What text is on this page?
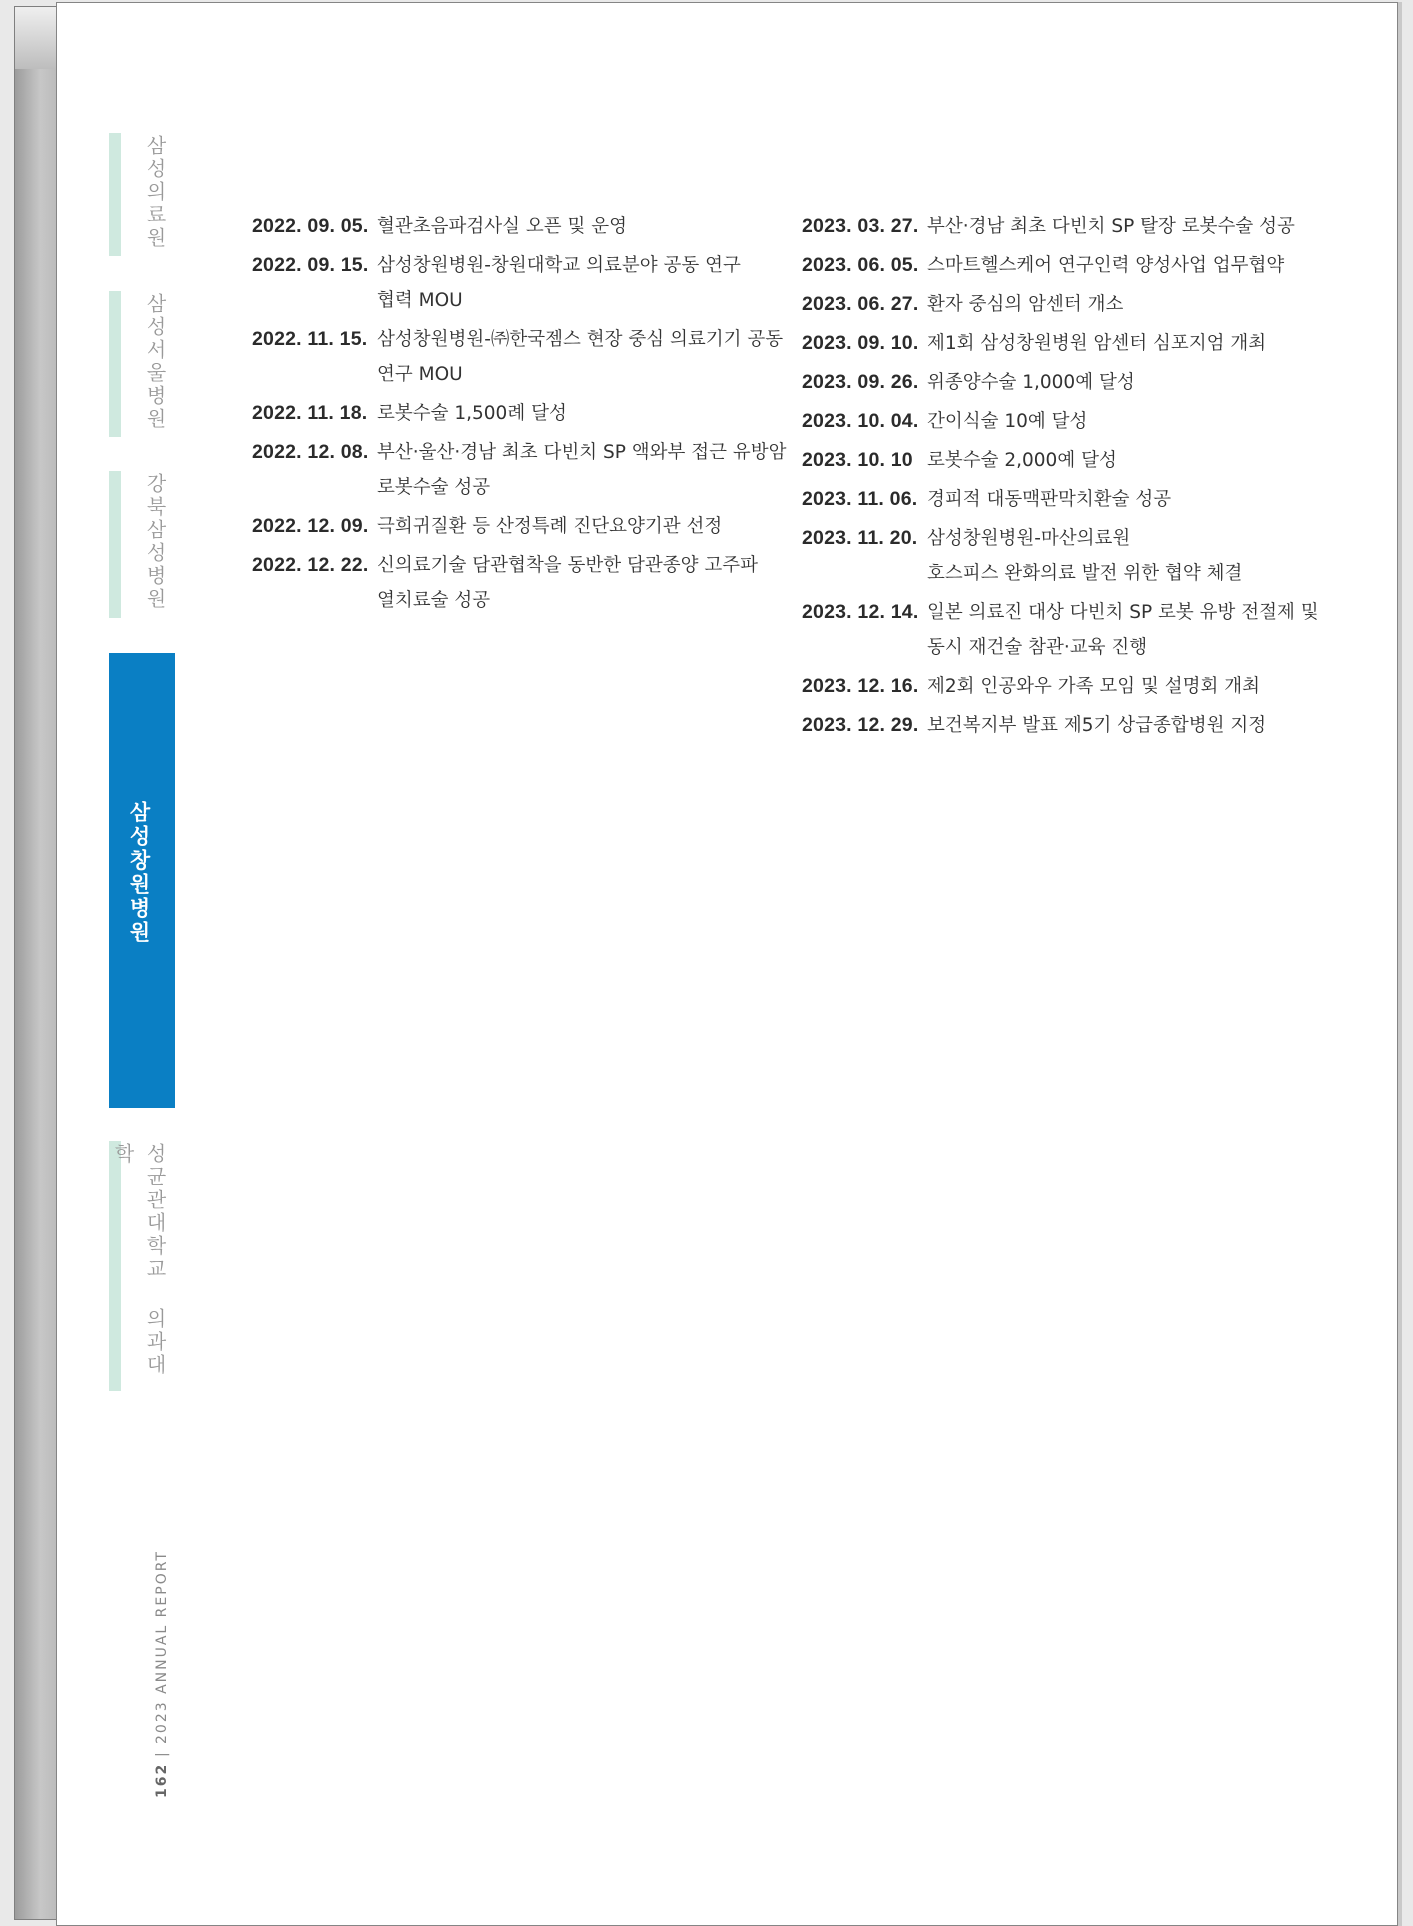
삼성의료원
삼성서울병원
강북삼성병원
삼성창원병원
성균관대학교 의과대학
162
|
2023 ANNUAL REPORT
2022. 09. 05. 혈관초음파검사실 오픈 및 운영
2022. 09. 15. 삼성창원병원-창원대학교 의료분야 공동 연구
협력 MOU
2022. 11. 15. 삼성창원병원-㈜한국젬스 현장 중심 의료기기 공동
연구 MOU
2022. 11. 18. 로봇수술 1,500례 달성
2022. 12. 08. 부산·울산·경남 최초 다빈치 SP 액와부 접근 유방암
로봇수술 성공
2022. 12. 09. 극희귀질환 등 산정특례 진단요양기관 선정
2022. 12. 22. 신의료기술 담관협착을 동반한 담관종양 고주파
열치료술 성공
2023. 03. 27. 부산·경남 최초 다빈치 SP 탈장 로봇수술 성공
2023. 06. 05. 스마트헬스케어 연구인력 양성사업 업무협약
2023. 06. 27. 환자 중심의 암센터 개소
2023. 09. 10. 제1회 삼성창원병원 암센터 심포지엄 개최
2023. 09. 26. 위종양수술 1,000예 달성
2023. 10. 04. 간이식술 10예 달성
2023. 10. 10 로봇수술 2,000예 달성
2023. 11. 06. 경피적 대동맥판막치환술 성공
2023. 11. 20. 삼성창원병원-마산의료원
호스피스 완화의료 발전 위한 협약 체결
2023. 12. 14. 일본 의료진 대상 다빈치 SP 로봇 유방 전절제 및
동시 재건술 참관·교육 진행
2023. 12. 16. 제2회 인공와우 가족 모임 및 설명회 개최
2023. 12. 29. 보건복지부 발표 제5기 상급종합병원 지정
